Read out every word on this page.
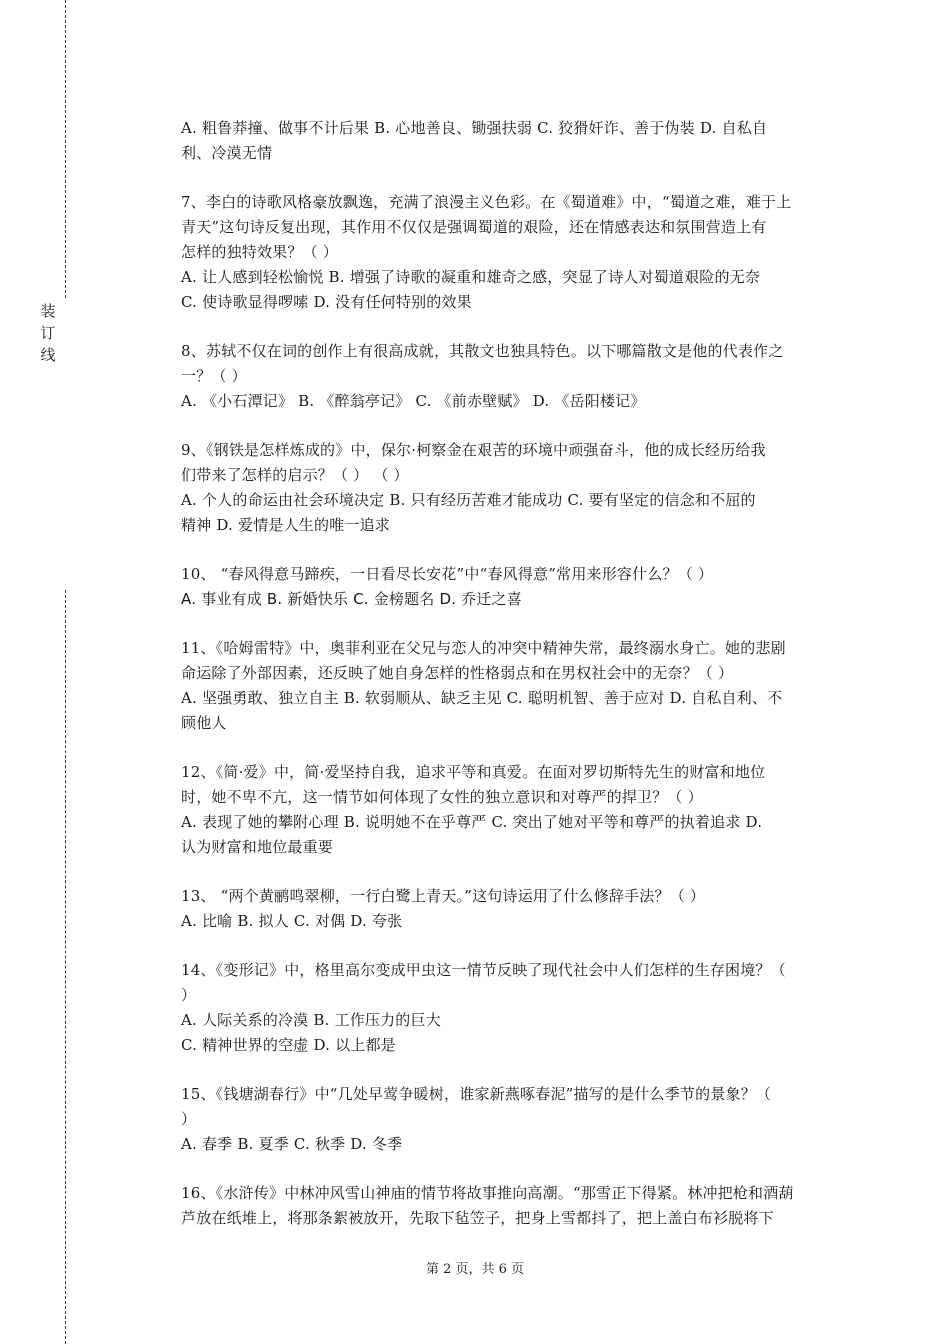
装
订
线
A. 粗鲁莽撞、做事不计后果 B. 心地善良、锄强扶弱 C. 狡猾奸诈、善于伪装 D. 自私自
利、冷漠无情
7、李白的诗歌风格豪放飘逸，充满了浪漫主义色彩。在《蜀道难》中，“蜀道之难，难于上
青天”这句诗反复出现，其作用不仅仅是强调蜀道的艰险，还在情感表达和氛围营造上有
怎样的独特效果？（ ）
A. 让人感到轻松愉悦 B. 增强了诗歌的凝重和雄奇之感，突显了诗人对蜀道艰险的无奈
C. 使诗歌显得啰嗦 D. 没有任何特别的效果
8、苏轼不仅在词的创作上有很高成就，其散文也独具特色。以下哪篇散文是他的代表作之
一？（ ）
A. 《小石潭记》 B. 《醉翁亭记》 C. 《前赤壁赋》 D. 《岳阳楼记》
9、《钢铁是怎样炼成的》中，保尔·柯察金在艰苦的环境中顽强奋斗，他的成长经历给我
们带来了怎样的启示？（ ） （ ）
A. 个人的命运由社会环境决定 B. 只有经历苦难才能成功 C. 要有坚定的信念和不屈的
精神 D. 爱情是人生的唯一追求
10、 “春风得意马蹄疾，一日看尽长安花”中“春风得意”常用来形容什么？（ ）
A. 事业有成 B. 新婚快乐 C. 金榜题名 D. 乔迁之喜
11、《哈姆雷特》中，奥菲利亚在父兄与恋人的冲突中精神失常，最终溺水身亡。她的悲剧
命运除了外部因素，还反映了她自身怎样的性格弱点和在男权社会中的无奈？（ ）
A. 坚强勇敢、独立自主 B. 软弱顺从、缺乏主见 C. 聪明机智、善于应对 D. 自私自利、不
顾他人
12、《简·爱》中，简·爱坚持自我，追求平等和真爱。在面对罗切斯特先生的财富和地位
时，她不卑不亢，这一情节如何体现了女性的独立意识和对尊严的捍卫？（ ）
A. 表现了她的攀附心理 B. 说明她不在乎尊严 C. 突出了她对平等和尊严的执着追求 D.
认为财富和地位最重要
13、 “两个黄鹂鸣翠柳，一行白鹭上青天。”这句诗运用了什么修辞手法？（ ）
A. 比喻 B. 拟人 C. 对偶 D. 夸张
14、《变形记》中，格里高尔变成甲虫这一情节反映了现代社会中人们怎样的生存困境？（
）
A. 人际关系的冷漠 B. 工作压力的巨大
C. 精神世界的空虚 D. 以上都是
15、《钱塘湖春行》中“几处早莺争暖树，谁家新燕啄春泥”描写的是什么季节的景象？（
）
A. 春季 B. 夏季 C. 秋季 D. 冬季
16、《水浒传》中林冲风雪山神庙的情节将故事推向高潮。“那雪正下得紧。林冲把枪和酒葫
芦放在纸堆上，将那条絮被放开，先取下毡笠子，把身上雪都抖了，把上盖白布衫脱将下
第 2 页，共 6 页
